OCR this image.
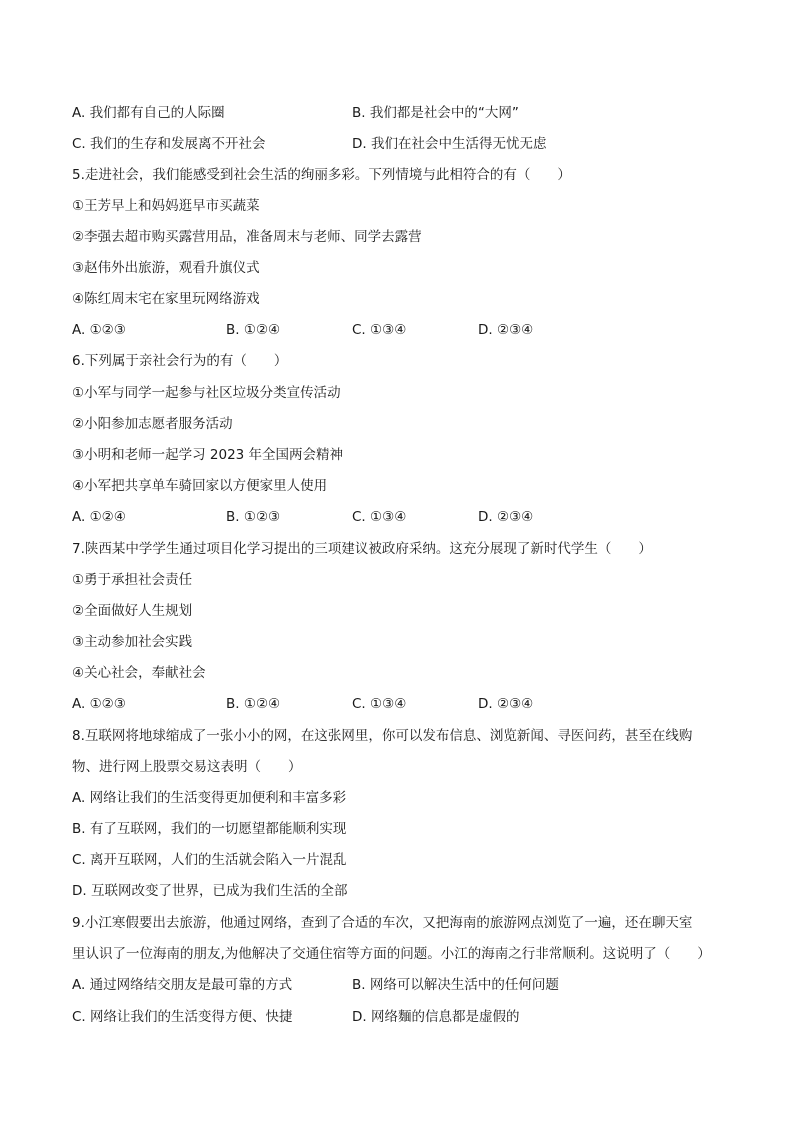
A. 我们都有自己的人际圈	B. 我们都是社会中的“大网”
C. 我们的生存和发展离不开社会	D. 我们在社会中生活得无忧无虑
5.走进社会，我们能感受到社会生活的绚丽多彩。下列情境与此相符合的有（　　）
①王芳早上和妈妈逛早市买蔬菜
②李强去超市购买露营用品，准备周末与老师、同学去露营
③赵伟外出旅游，观看升旗仪式
④陈红周末宅在家里玩网络游戏
A. ①②③	B. ①②④	C. ①③④	D. ②③④
6.下列属于亲社会行为的有（　　）
①小军与同学一起参与社区垃圾分类宣传活动
②小阳参加志愿者服务活动
③小明和老师一起学习 2023 年全国两会精神
④小军把共享单车骑回家以方便家里人使用
A. ①②④	B. ①②③	C. ①③④	D. ②③④
7.陕西某中学学生通过项目化学习提出的三项建议被政府采纳。这充分展现了新时代学生（　　）
①勇于承担社会责任
②全面做好人生规划
③主动参加社会实践
④关心社会，奉献社会
A. ①②③	B. ①②④	C. ①③④	D. ②③④
8.互联网将地球缩成了一张小小的网，在这张网里，你可以发布信息、浏览新闻、寻医问药，甚至在线购
物、进行网上股票交易这表明（　　）
A. 网络让我们的生活变得更加便利和丰富多彩
B. 有了互联网，我们的一切愿望都能顺利实现
C. 离开互联网，人们的生活就会陷入一片混乱
D. 互联网改变了世界，已成为我们生活的全部
9.小江寒假要出去旅游，他通过网络，查到了合适的车次，又把海南的旅游网点浏览了一遍，还在聊天室
里认识了一位海南的朋友,为他解决了交通住宿等方面的问题。小江的海南之行非常顺利。这说明了（　　）
A. 通过网络结交朋友是最可靠的方式	B. 网络可以解决生活中的任何问题
C. 网络让我们的生活变得方便、快捷	D. 网络麵的信息都是虚假的
